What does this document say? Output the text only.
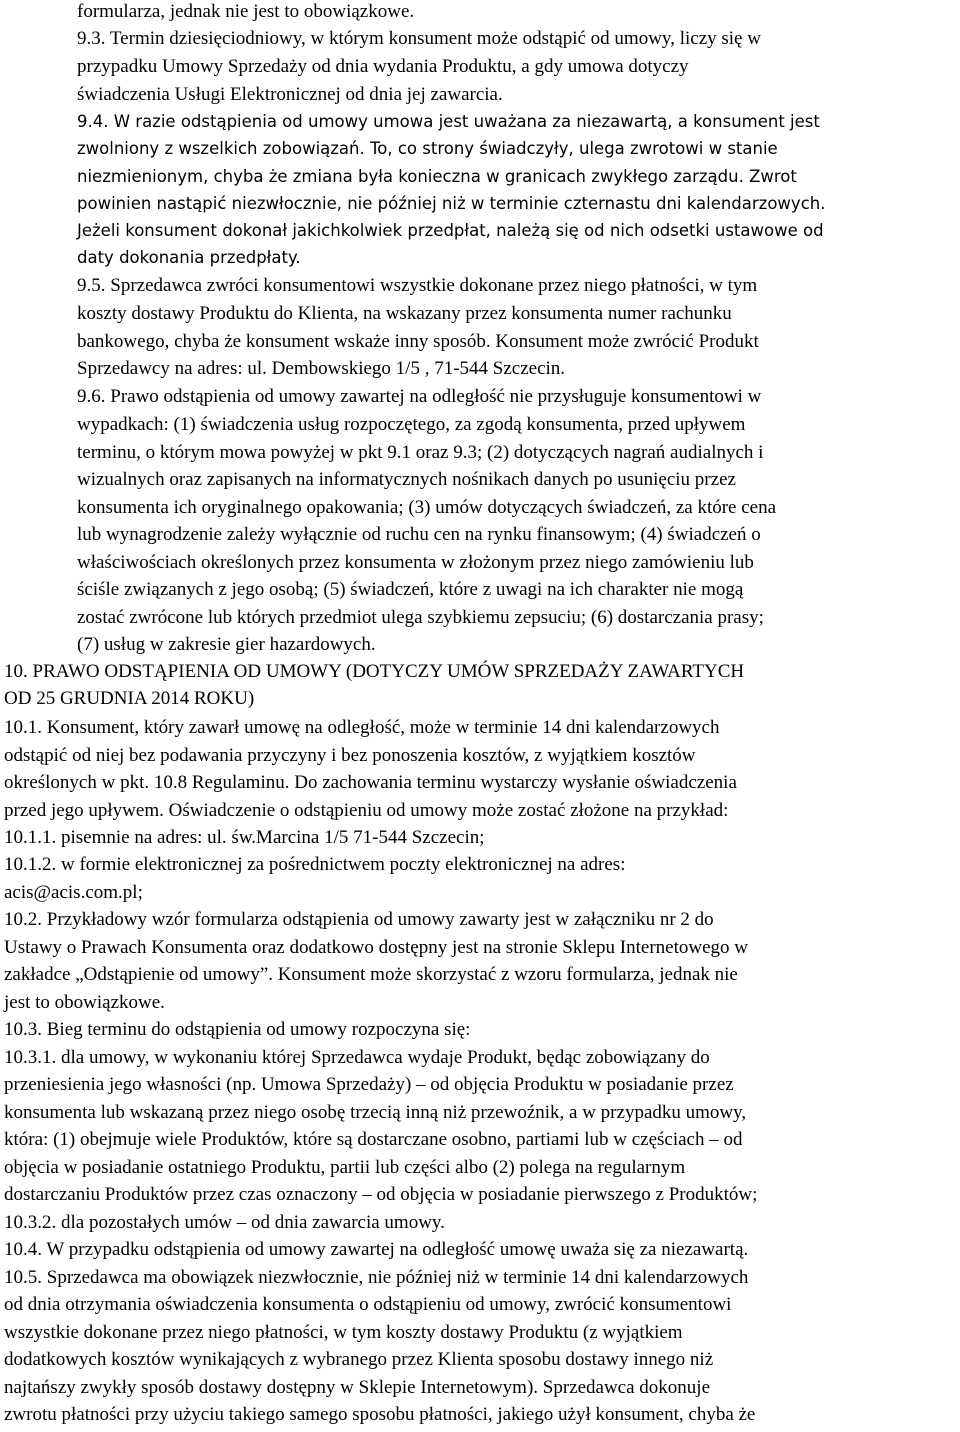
formularza, jednak nie jest to obowiązkowe.
9.3. Termin dziesięciodniowy, w którym konsument może odstąpić od umowy, liczy się w
przypadku Umowy Sprzedaży od dnia wydania Produktu, a gdy umowa dotyczy
świadczenia Usługi Elektronicznej od dnia jej zawarcia.
9.4. W razie odstąpienia od umowy umowa jest uważana za niezawartą, a konsument jest
zwolniony z wszelkich zobowiązań. To, co strony świadczyły, ulega zwrotowi w stanie
niezmienionym, chyba że zmiana była konieczna w granicach zwykłego zarządu. Zwrot
powinien nastąpić niezwłocznie, nie później niż w terminie czternastu dni kalendarzowych.
Jeżeli konsument dokonał jakichkolwiek przedpłat, należą się od nich odsetki ustawowe od
daty dokonania przedpłaty.
9.5. Sprzedawca zwróci konsumentowi wszystkie dokonane przez niego płatności, w tym
koszty dostawy Produktu do Klienta, na wskazany przez konsumenta numer rachunku
bankowego, chyba że konsument wskaże inny sposób. Konsument może zwrócić Produkt
Sprzedawcy na adres: ul. Dembowskiego 1/5 , 71-544 Szczecin.
9.6. Prawo odstąpienia od umowy zawartej na odległość nie przysługuje konsumentowi w
wypadkach: (1) świadczenia usług rozpoczętego, za zgodą konsumenta, przed upływem
terminu, o którym mowa powyżej w pkt 9.1 oraz 9.3; (2) dotyczących nagrań audialnych i
wizualnych oraz zapisanych na informatycznych nośnikach danych po usunięciu przez
konsumenta ich oryginalnego opakowania; (3) umów dotyczących świadczeń, za które cena
lub wynagrodzenie zależy wyłącznie od ruchu cen na rynku finansowym; (4) świadczeń o
właściwościach określonych przez konsumenta w złożonym przez niego zamówieniu lub
ściśle związanych z jego osobą; (5) świadczeń, które z uwagi na ich charakter nie mogą
zostać zwrócone lub których przedmiot ulega szybkiemu zepsuciu; (6) dostarczania prasy;
(7) usług w zakresie gier hazardowych.
10. PRAWO ODSTĄPIENIA OD UMOWY (DOTYCZY UMÓW SPRZEDAŻY ZAWARTYCH
OD 25 GRUDNIA 2014 ROKU)
10.1. Konsument, który zawarł umowę na odległość, może w terminie 14 dni kalendarzowych
odstąpić od niej bez podawania przyczyny i bez ponoszenia kosztów, z wyjątkiem kosztów
określonych w pkt. 10.8 Regulaminu. Do zachowania terminu wystarczy wysłanie oświadczenia
przed jego upływem. Oświadczenie o odstąpieniu od umowy może zostać złożone na przykład:
10.1.1. pisemnie na adres: ul. św.Marcina 1/5 71-544 Szczecin;
10.1.2. w formie elektronicznej za pośrednictwem poczty elektronicznej na adres:
acis@acis.com.pl;
10.2. Przykładowy wzór formularza odstąpienia od umowy zawarty jest w załączniku nr 2 do
Ustawy o Prawach Konsumenta oraz dodatkowo dostępny jest na stronie Sklepu Internetowego w
zakładce „Odstąpienie od umowy”. Konsument może skorzystać z wzoru formularza, jednak nie
jest to obowiązkowe.
10.3. Bieg terminu do odstąpienia od umowy rozpoczyna się:
10.3.1. dla umowy, w wykonaniu której Sprzedawca wydaje Produkt, będąc zobowiązany do
przeniesienia jego własności (np. Umowa Sprzedaży) – od objęcia Produktu w posiadanie przez
konsumenta lub wskazaną przez niego osobę trzecią inną niż przewoźnik, a w przypadku umowy,
która: (1) obejmuje wiele Produktów, które są dostarczane osobno, partiami lub w częściach – od
objęcia w posiadanie ostatniego Produktu, partii lub części albo (2) polega na regularnym
dostarczaniu Produktów przez czas oznaczony – od objęcia w posiadanie pierwszego z Produktów;
10.3.2. dla pozostałych umów – od dnia zawarcia umowy.
10.4. W przypadku odstąpienia od umowy zawartej na odległość umowę uważa się za niezawartą.
10.5. Sprzedawca ma obowiązek niezwłocznie, nie później niż w terminie 14 dni kalendarzowych
od dnia otrzymania oświadczenia konsumenta o odstąpieniu od umowy, zwrócić konsumentowi
wszystkie dokonane przez niego płatności, w tym koszty dostawy Produktu (z wyjątkiem
dodatkowych kosztów wynikających z wybranego przez Klienta sposobu dostawy innego niż
najtańszy zwykły sposób dostawy dostępny w Sklepie Internetowym). Sprzedawca dokonuje
zwrotu płatności przy użyciu takiego samego sposobu płatności, jakiego użył konsument, chyba że
